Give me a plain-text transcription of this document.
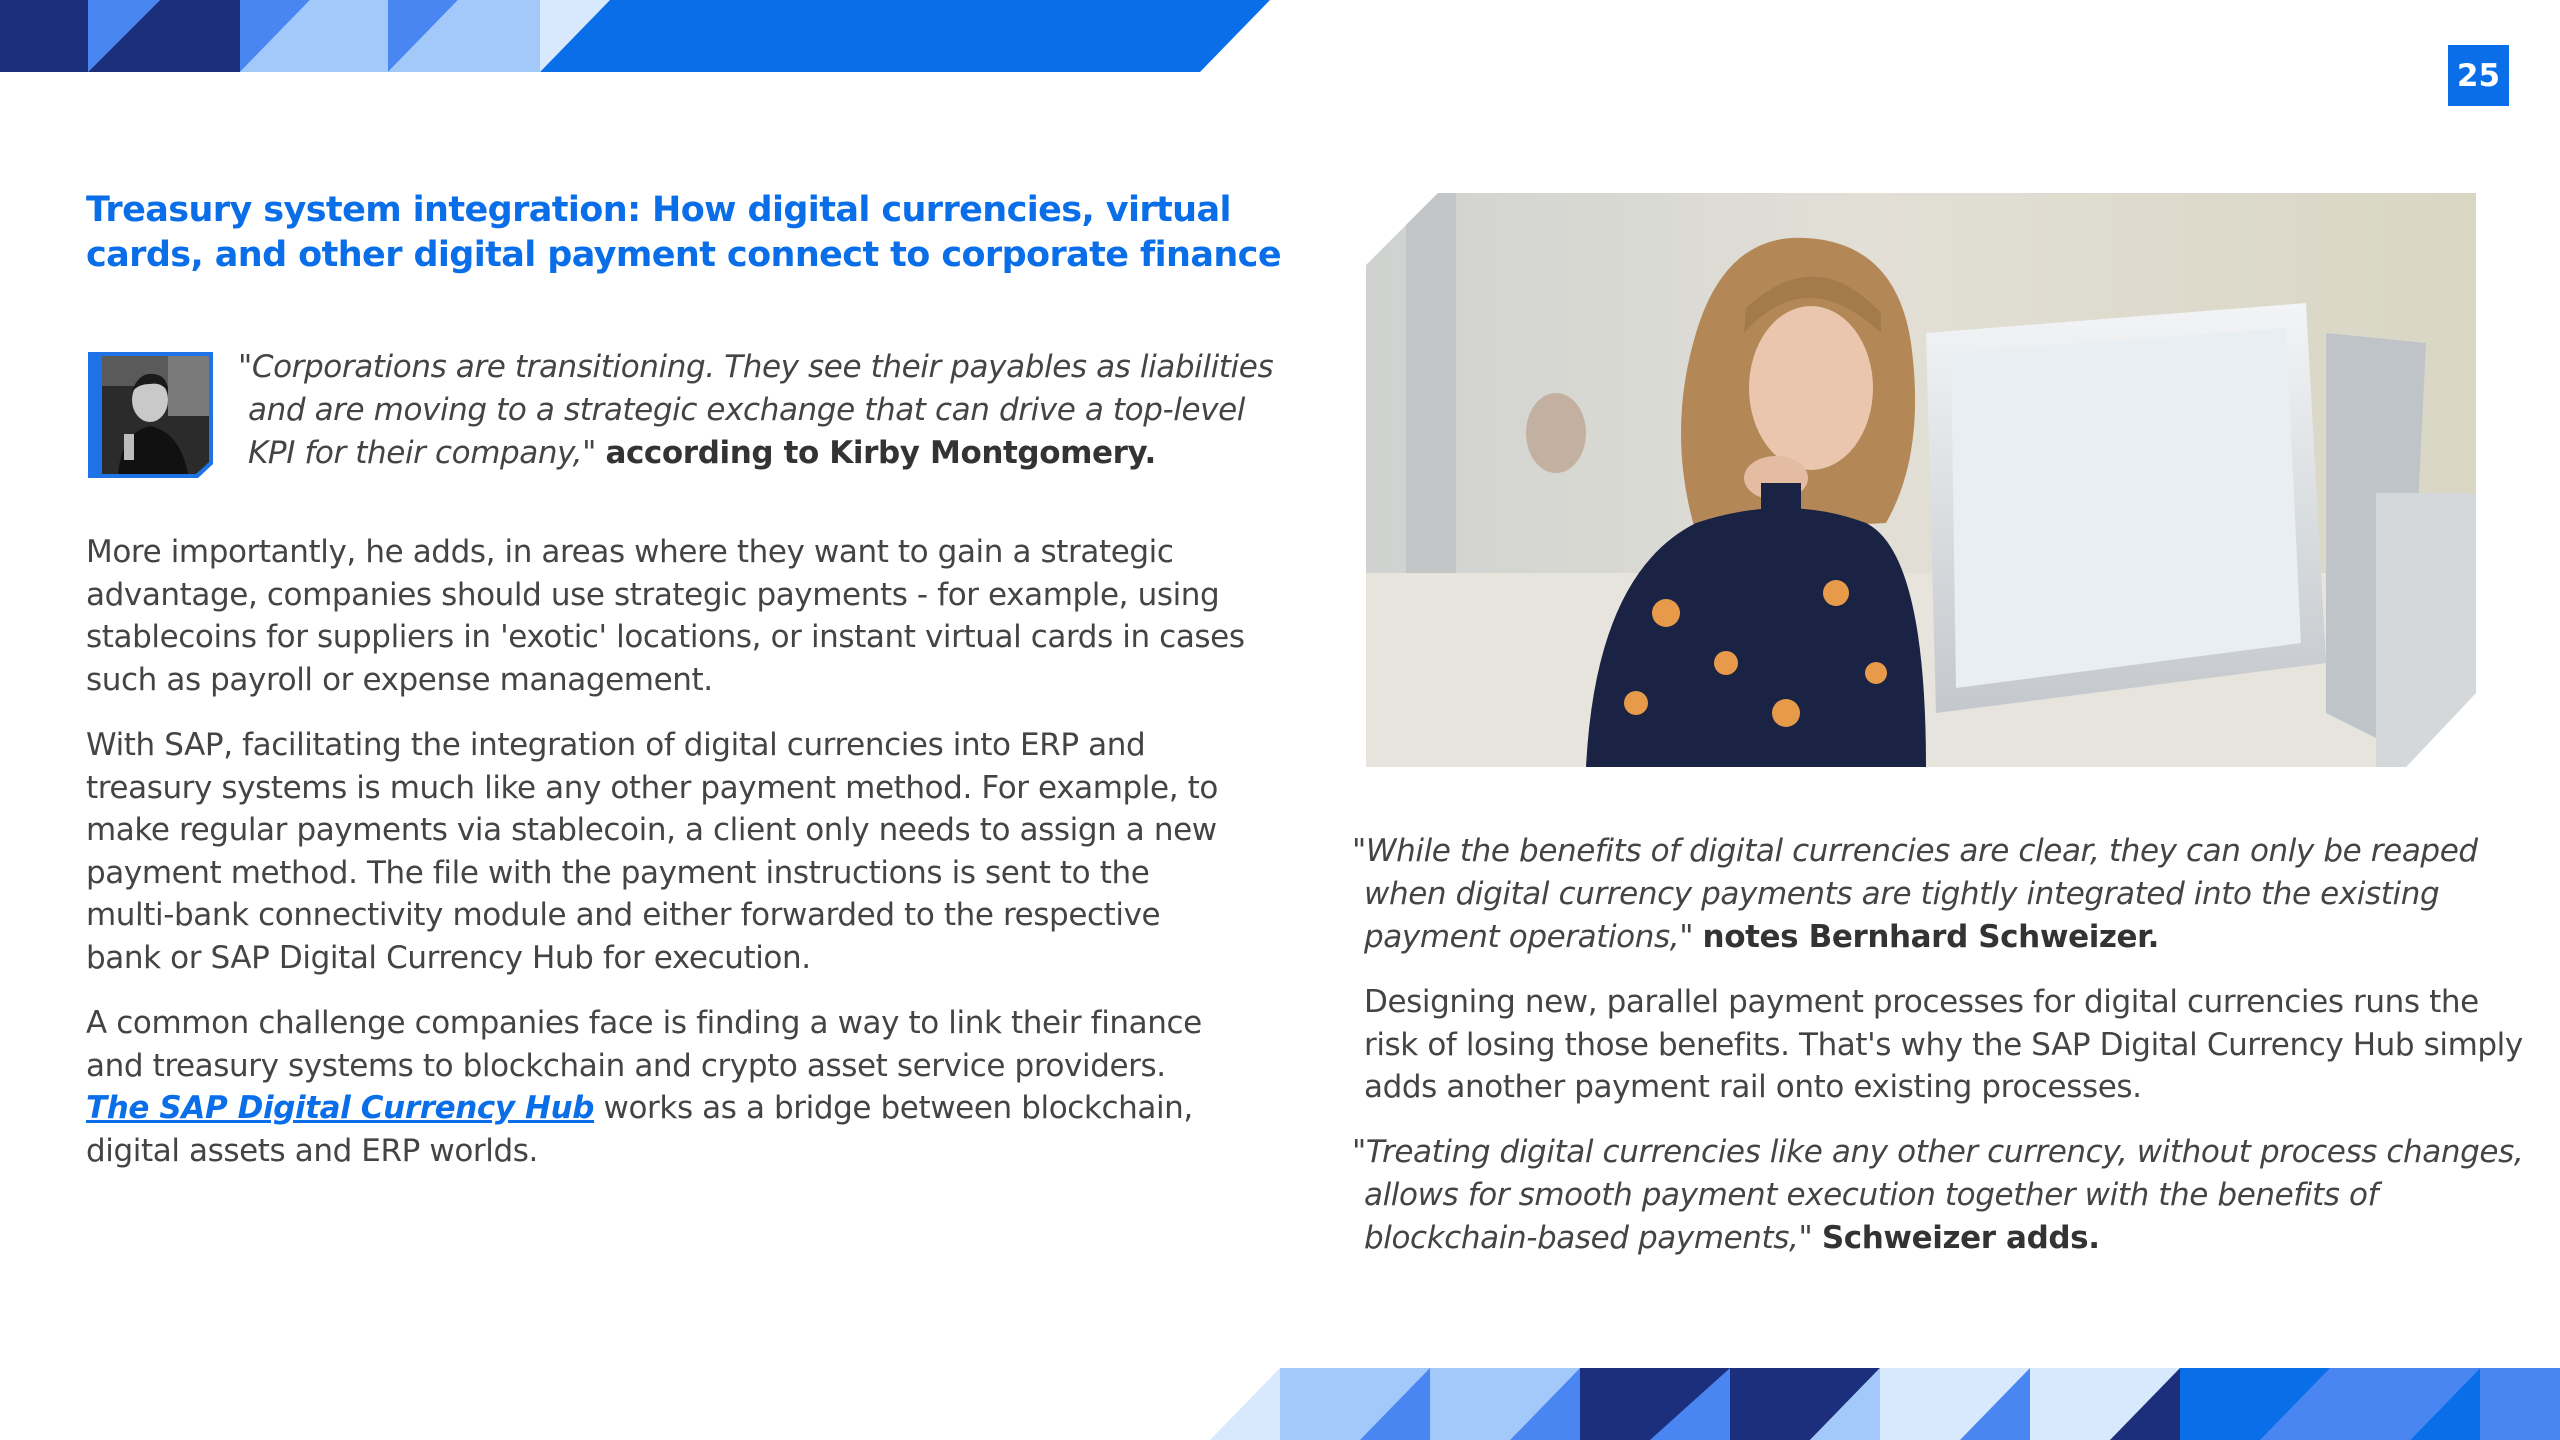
25
Treasury system integration: How digital currencies, virtual
cards, and other digital payment connect to corporate finance
"Corporations are transitioning. They see their payables as liabilities
and are moving to a strategic exchange that can drive a top-level
KPI for their company," according to Kirby Montgomery.
More importantly, he adds, in areas where they want to gain a strategic
advantage, companies should use strategic payments - for example, using
stablecoins for suppliers in 'exotic' locations, or instant virtual cards in cases
such as payroll or expense management.
With SAP, facilitating the integration of digital currencies into ERP and
treasury systems is much like any other payment method. For example, to
make regular payments via stablecoin, a client only needs to assign a new
payment method. The file with the payment instructions is sent to the
multi-bank connectivity module and either forwarded to the respective
bank or SAP Digital Currency Hub for execution.
A common challenge companies face is finding a way to link their finance
and treasury systems to blockchain and crypto asset service providers.
The SAP Digital Currency Hub works as a bridge between blockchain,
digital assets and ERP worlds.
"While the benefits of digital currencies are clear, they can only be reaped
when digital currency payments are tightly integrated into the existing
payment operations," notes Bernhard Schweizer.
Designing new, parallel payment processes for digital currencies runs the
risk of losing those benefits. That's why the SAP Digital Currency Hub simply
adds another payment rail onto existing processes.
"Treating digital currencies like any other currency, without process changes,
allows for smooth payment execution together with the benefits of
blockchain-based payments," Schweizer adds.
